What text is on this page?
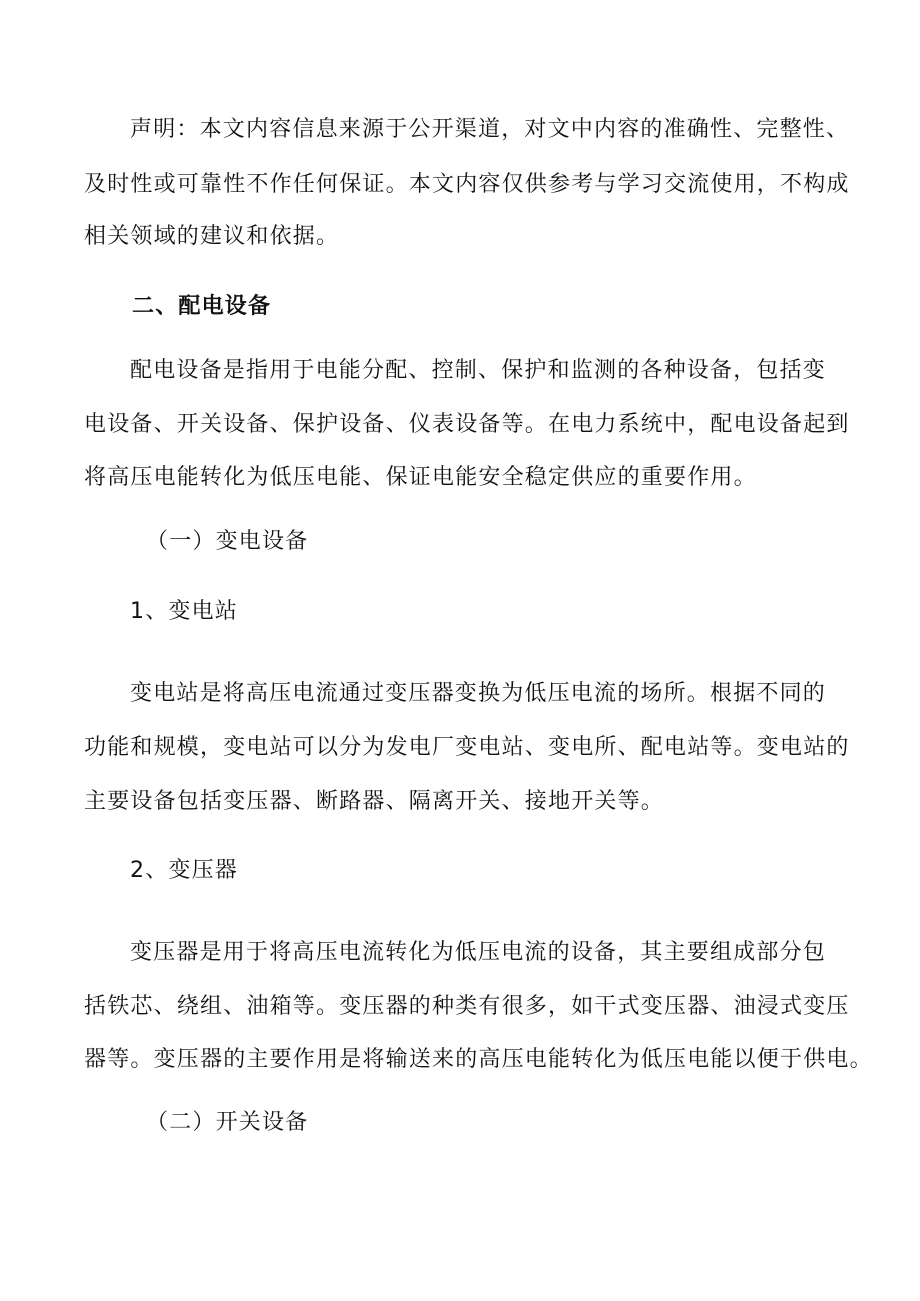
声明：本文内容信息来源于公开渠道，对文中内容的准确性、完整性、
及时性或可靠性不作任何保证。本文内容仅供参考与学习交流使用，不构成
相关领域的建议和依据。
二、配电设备
配电设备是指用于电能分配、控制、保护和监测的各种设备，包括变
电设备、开关设备、保护设备、仪表设备等。在电力系统中，配电设备起到
将高压电能转化为低压电能、保证电能安全稳定供应的重要作用。
（一）变电设备
1、变电站
变电站是将高压电流通过变压器变换为低压电流的场所。根据不同的
功能和规模，变电站可以分为发电厂变电站、变电所、配电站等。变电站的
主要设备包括变压器、断路器、隔离开关、接地开关等。
2、变压器
变压器是用于将高压电流转化为低压电流的设备，其主要组成部分包
括铁芯、绕组、油箱等。变压器的种类有很多，如干式变压器、油浸式变压
器等。变压器的主要作用是将输送来的高压电能转化为低压电能以便于供电。
（二）开关设备
